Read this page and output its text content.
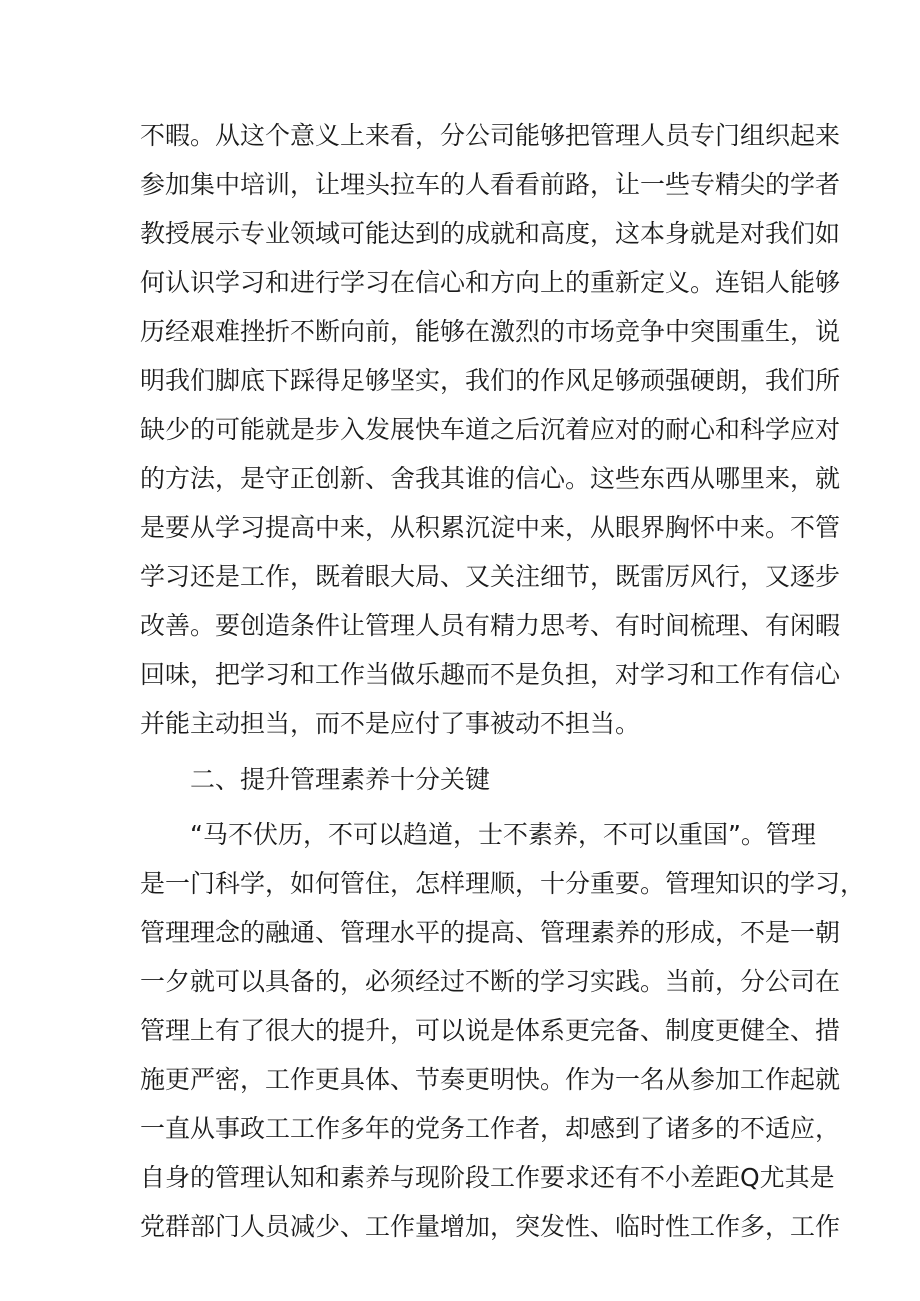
不暇。从这个意义上来看，分公司能够把管理人员专门组织起来
参加集中培训，让埋头拉车的人看看前路，让一些专精尖的学者
教授展示专业领域可能达到的成就和高度，这本身就是对我们如
何认识学习和进行学习在信心和方向上的重新定义。连铝人能够
历经艰难挫折不断向前，能够在激烈的市场竞争中突围重生，说
明我们脚底下踩得足够坚实，我们的作风足够顽强硬朗，我们所
缺少的可能就是步入发展快车道之后沉着应对的耐心和科学应对
的方法，是守正创新、舍我其谁的信心。这些东西从哪里来，就
是要从学习提高中来，从积累沉淀中来，从眼界胸怀中来。不管
学习还是工作，既着眼大局、又关注细节，既雷厉风行，又逐步
改善。要创造条件让管理人员有精力思考、有时间梳理、有闲暇
回味，把学习和工作当做乐趣而不是负担，对学习和工作有信心
并能主动担当，而不是应付了事被动不担当。
二、提升管理素养十分关键
“马不伏历，不可以趋道，士不素养，不可以重国”。管理
是一门科学，如何管住，怎样理顺，十分重要。管理知识的学习，
管理理念的融通、管理水平的提高、管理素养的形成，不是一朝
一夕就可以具备的，必须经过不断的学习实践。当前，分公司在
管理上有了很大的提升，可以说是体系更完备、制度更健全、措
施更严密，工作更具体、节奏更明快。作为一名从参加工作起就
一直从事政工工作多年的党务工作者，却感到了诸多的不适应，
自身的管理认知和素养与现阶段工作要求还有不小差距Q尤其是
党群部门人员减少、工作量增加，突发性、临时性工作多，工作
